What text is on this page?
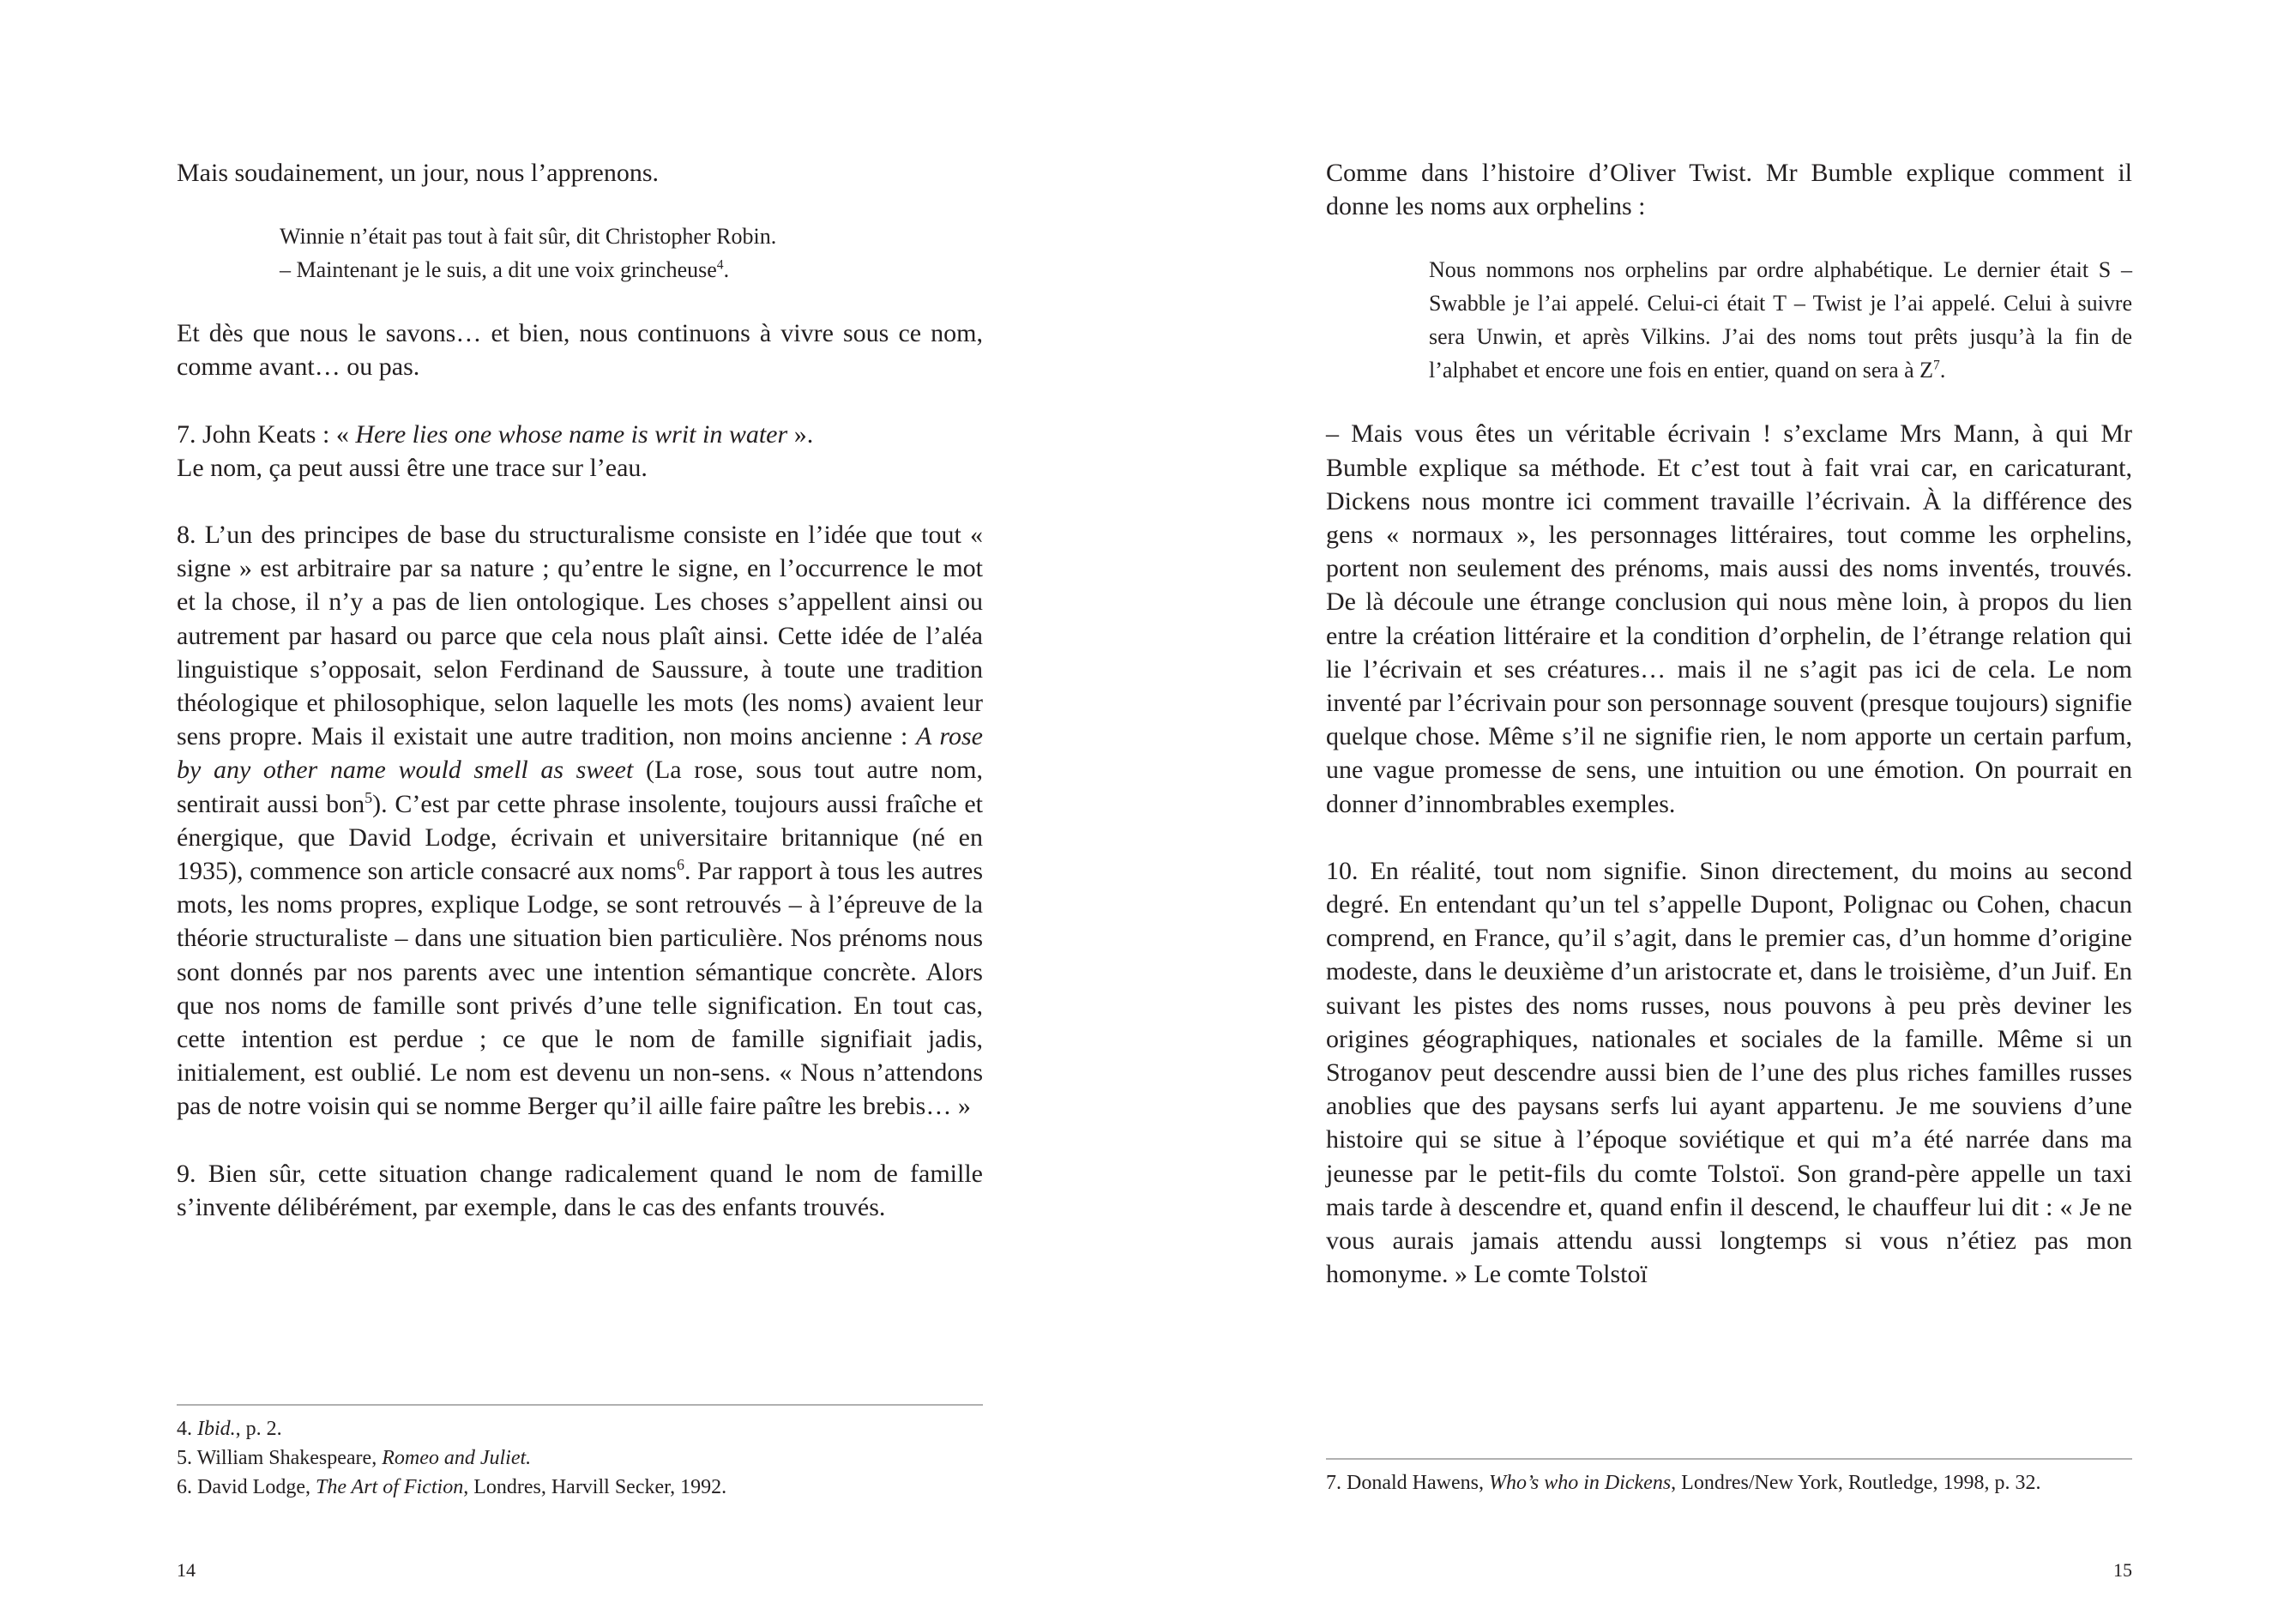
Mais soudainement, un jour, nous l’apprenons.

Winnie n’était pas tout à fait sûr, dit Christopher Robin.
– Maintenant je le suis, a dit une voix grincheuse$^4$.

Et dès que nous le savons… et bien, nous continuons à vivre sous ce nom, comme avant… ou pas.

7. John Keats : « Here lies one whose name is writ in water ».
Le nom, ça peut aussi être une trace sur l’eau.

8. L’un des principes de base du structuralisme consiste en l’idée que tout « signe » est arbitraire par sa nature ; qu’entre le signe, en l’occurrence le mot et la chose, il n’y a pas de lien ontologique. Les choses s’appellent ainsi ou autrement par hasard ou parce que cela nous plaît ainsi. Cette idée de l’aléa linguistique s’opposait, selon Ferdinand de Saussure, à toute une tradition théologique et philosophique, selon laquelle les mots (les noms) avaient leur sens propre. Mais il existait une autre tradition, non moins ancienne : A rose by any other name would smell as sweet (La rose, sous tout autre nom, sentirait aussi bon$^5$). C’est par cette phrase insolente, toujours aussi fraîche et énergique, que David Lodge, écrivain et universitaire britannique (né en 1935), commence son article consacré aux noms$^6$. Par rapport à tous les autres mots, les noms propres, explique Lodge, se sont retrouvés – à l’épreuve de la théorie structuraliste – dans une situation bien particulière. Nos prénoms nous sont donnés par nos parents avec une intention sémantique concrète. Alors que nos noms de famille sont privés d’une telle signification. En tout cas, cette intention est perdue ; ce que le nom de famille signifiait jadis, initialement, est oublié. Le nom est devenu un non-sens. « Nous n’attendons pas de notre voisin qui se nomme Berger qu’il aille faire paître les brebis… »

9. Bien sûr, cette situation change radicalement quand le nom de famille s’invente délibérément, par exemple, dans le cas des enfants trouvés.

4. Ibid., p. 2.

5. William Shakespeare, Romeo and Juliet.

6. David Lodge, The Art of Fiction, Londres, Harvill Secker, 1992.

14

Comme dans l’histoire d’Oliver Twist. Mr Bumble explique comment il donne les noms aux orphelins :

Nous nommons nos orphelins par ordre alphabétique. Le dernier était S – Swabble je l’ai appelé. Celui-ci était T – Twist je l’ai appelé. Celui à suivre sera Unwin, et après Vilkins. J’ai des noms tout prêts jusqu’à la fin de l’alphabet et encore une fois en entier, quand on sera à $Z^7$.

– Mais vous êtes un véritable écrivain ! s’exclame Mrs Mann, à qui Mr Bumble explique sa méthode. Et c’est tout à fait vrai car, en caricaturant, Dickens nous montre ici comment travaille l’écrivain. À la différence des gens « normaux », les personnages littéraires, tout comme les orphelins, portent non seulement des prénoms, mais aussi des noms inventés, trouvés. De là découle une étrange conclusion qui nous mène loin, à propos du lien entre la création littéraire et la condition d’orphelin, de l’étrange relation qui lie l’écrivain et ses créatures… mais il ne s’agit pas ici de cela. Le nom inventé par l’écrivain pour son personnage souvent (presque toujours) signifie quelque chose. Même s’il ne signifie rien, le nom apporte un certain parfum, une vague promesse de sens, une intuition ou une émotion. On pourrait en donner d’innombrables exemples.

10. En réalité, tout nom signifie. Sinon directement, du moins au second degré. En entendant qu’un tel s’appelle Dupont, Polignac ou Cohen, chacun comprend, en France, qu’il s’agit, dans le premier cas, d’un homme d’origine modeste, dans le deuxième d’un aristocrate et, dans le troisième, d’un Juif. En suivant les pistes des noms russes, nous pouvons à peu près deviner les origines géographiques, nationales et sociales de la famille. Même si un Stroganov peut descendre aussi bien de l’une des plus riches familles russes anoblies que des paysans serfs lui ayant appartenu. Je me souviens d’une histoire qui se situe à l’époque soviétique et qui m’a été narrée dans ma jeunesse par le petit-fils du comte Tolstoï. Son grand-père appelle un taxi mais tarde à descendre et, quand enfin il descend, le chauffeur lui dit : « Je ne vous aurais jamais attendu aussi longtemps si vous n’étiez pas mon homonyme. » Le comte Tolstoï

7. Donald Hawens, Who’s who in Dickens, Londres/New York, Routledge, 1998, p. 32.

15
